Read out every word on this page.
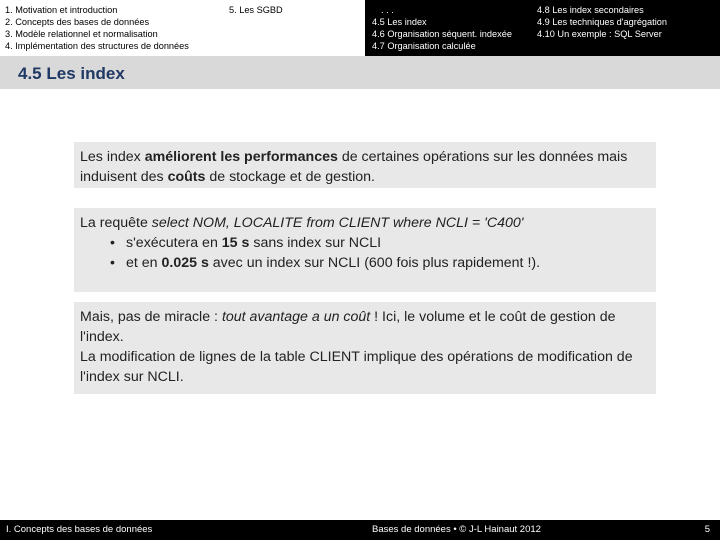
1. Motivation et introduction
2. Concepts des bases de données
3. Modèle relationnel et normalisation
4. Implémentation des structures de données
5. Les SGBD	. . .
4.5 Les index
4.6 Organisation séquent. indexée
4.7 Organisation calculée
4.8 Les index secondaires
4.9 Les techniques d'agrégation
4.10 Un exemple : SQL Server
4.5 Les index
Les index améliorent les performances de certaines opérations sur les données mais induisent des coûts de stockage et de gestion.
La requête select NOM, LOCALITE from CLIENT where NCLI = 'C400'
• s'exécutera en 15 s sans index sur NCLI
• et en 0.025 s avec un index sur NCLI (600 fois plus rapidement !).
Mais, pas de miracle : tout avantage a un coût ! Ici, le volume et le coût de gestion de l'index.
La modification de lignes de la table CLIENT implique des opérations de modification de l'index sur NCLI.
I. Concepts des bases de données	Bases de données • © J-L Hainaut 2012	5
